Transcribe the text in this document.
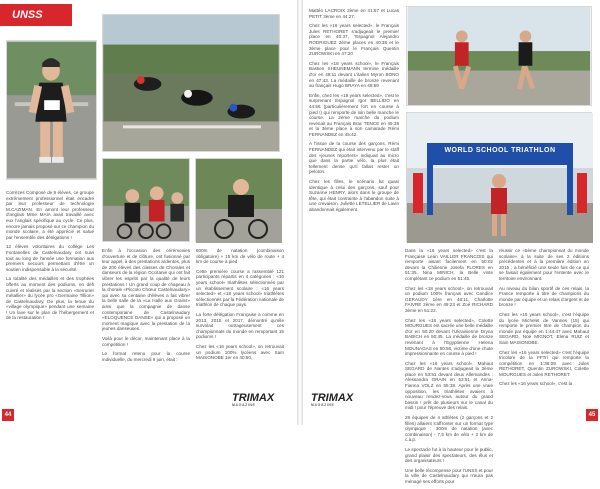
UNSS

Corrèzes Composé de 9 élèves, ce groupe extrêmement professionnel était encadré par leur professeur de technologie M.CAZIMAN. En amont leur professeur d'anglais Mme MAIA avait travaillé avec eux l'anglais spécifique au cycle. Ce plus, encore jamais proposé sur ce champion du monde scolaire, a été apprécié et salué par l'ensemble des délégations !

12 élèves volontaires du collège Les Fontanelles de Castelnaudary ont suivi tout au long de l'année une formation aux premiers secours permettant d'être un soutien indispensable à la sécurité.

La totalité des médailles et des trophées offerts au moment des podiums, en défi cuivré et réalisés par la section «Serrurier métallier» du lycée pro «Germaine Tillion» de Castelnaudary. De plus, la tenue du «village olympique» pendant une semaine ! Un lave sur le plan de l'hébergement et de la restauration !

Enfin à l'occasion des cérémonies d'ouverture et de clôture, ont fusionné par leur appel, à des prestations ardentes, plus de 200 élèves des classes de Chorales et danseurs de la région Occitanie qui ont fait vibrer les esprits par la qualité de leurs prestations ! Un grand coup de chapeau à la chorale «Piccolo Chœur Castelnaudary» qui avec sa centaine d'élèves a fait vibrer la belle salle de la «La Halle aux Grains» ainsi que la compagnie de danse contemporaine de Castelnaudary «ELOQUENCE DANSE» qui a proposé un moment magique avec la prestation de la jeunes danseuses.

Voilà pour le décor, maintenant place à la compétition !

Le format retenu pour la course individuelle, du mercredi 9 juin, était :

600m de natation (combinaison obligatoire) + 15 km de vélo de route + 4 km de course à pied

Cette première course a rassemblé 121 participants répartis en 4 catégories : «16 years school» triathlètes sélectionnés par un établissement scolaire ; «16 years selected» et «18 years school» triathlètes sélectionnés par la Fédération nationale de triathlon de chaque pays.

La forte délégation Française a comme en 2013, 2015 et 2017, démontré qu'elle survolait outrageusement ces championnats du monde en remportant 15 podiums !

Chez les «16 years school», on retrouvait un podium 100% lycéens avec Sam MAISONOBE 1er en 40:50,

TRIMAX
MAGAZINE
44

Mattéo LACROIX 2ème en 41:57 et Lucas PETIT 3ème en 44:27.

Chez les «16 years selected», le Français Jules RETHORET s'adjugeait le premier place en 40:37, 'Espagnol Alejandro RODRIGUEZ 2ème places en 40:38 et le 3ème place pour le Français Quentin ZUROWSKI en 47:20

Chez les «18 years school», le Français Bastien SHEUNEMANN termine médaille d'or en 48:11 devant L'italien Myron BONO en 47:43. La médaille de bronze revenant au français Hugo BRAYA en 48:59

Enfin, chez les «18 years selected», c'est le surprenant Espagnol Igor BELLIDO en 44:56 (particulièrement fort en course à pied !) qui remporte de loin belle manche le course. La 2ème marche du podium revenait au Français Brac TENCE en 45:38 et la 3ème place à son camarade Rémi FERNANDEZ en 45:42.

A l'issue de la course des garçons, Rémi FERNANDEZ qui était intervenu par le staff des «jeunes reporters» indiquait au micro que dans la partie vélo, la plus était tellement dense qu'il fallait rester un peloton.

Chez les filles, le scénario fut quasi identique à celui des garçons, sauf pour Suzanne HENRY, alors dans le groupe de tête, qui était contrainte à l'abandon suite à une crevaison. Juliette LETELLIER de Lavin abandonnait également.

WORLD SCHOOL TRIATHLON

Dans la «16 years selected» c'est la Française Lean VAILLER FRANCOIS qui remporte aisant facilement en 50:02 devant la Chilienne Josefa FLORES en 51:35. Nina MINICH, la Belle vinte complétant ce podium en 51:45.

Chez les «18 years school», on retrouvait un podium 100% français avec Candice GERAUDY 1ère en 48:11, Charlotte FAIVRE 2ème en 49:23 et Zoé RICHARD 3ème en 51:22.

Chez les «18 years selected», Colette MOURGUES est sacrée une belle médaille d'or en 50:20 devant l'Ukrainienne Dryna BABICH en 50:45. La médaille de bronze revenant à l'Égyptienne Helena MOUNAGAS en 50:56, victime d'une chute impressionnante en course à pied !

Chez les «16 years school», Mahaut SEGARD de Nantes s'adjugeait la 3ème place en 53:51 devant deux Allemandes : Alessandra GRAIN en 53:51 et Anna-Fianna VOLZ en 55:38. Après une vraie opposition, les triathlètes avaient à nouveau rendez-vous autour du grand bassin ! prêt de plusieurs sur le canal du midi ! pour l'épreuve des relais.

28 équipes de 4 athlètes (2 garçons et 2 filles) allaient s'affronter sur un format type olympique : 300m de natation (avec combinaison) - 7,5 km de vélo + 2 km de c.à.p.

Le spectacle fut à la hauteur pour le public, grand plaisir des spectateurs, des élus et des organisateurs !

Une belle récompense pour l'UNSS et pour la ville de Castelnaudary qui n'aura pas ménagé ses efforts pour

réussir ce «5ème championnat du monde scolaire» à la suite de ses 2 éditions précédentes et à la première édition en 2015 ; a bénéficié une seule fois de ce qui se faisait également pour l'entente avec le territoire environnant.

Au niveau du bilan sportif de ces relais, la France remporte à titre de champions du monde par équipe et un relais d'argent et de bronze !

Chez les «16 years school», c'est l'équipe du lycée Michelet de Vannes (15) qui remporte le premier titre de champion du monde par équipe en 1:44:47 avec Mahaut SEGARD, Noé MIGNOT, Elena RUIZ et Sam MAISONOBE.

Chez les «16 years selected» c'est l'équipe tricolore de la FFTri qui remporte la compétition en 1:38:09 avec Jules RETHORET, Quentin ZUROWSKI, Colette MOURGUES et Jules RETHORET.

Chez les «16 years school», c'est la

TRIMAX
MAGAZINE
45
